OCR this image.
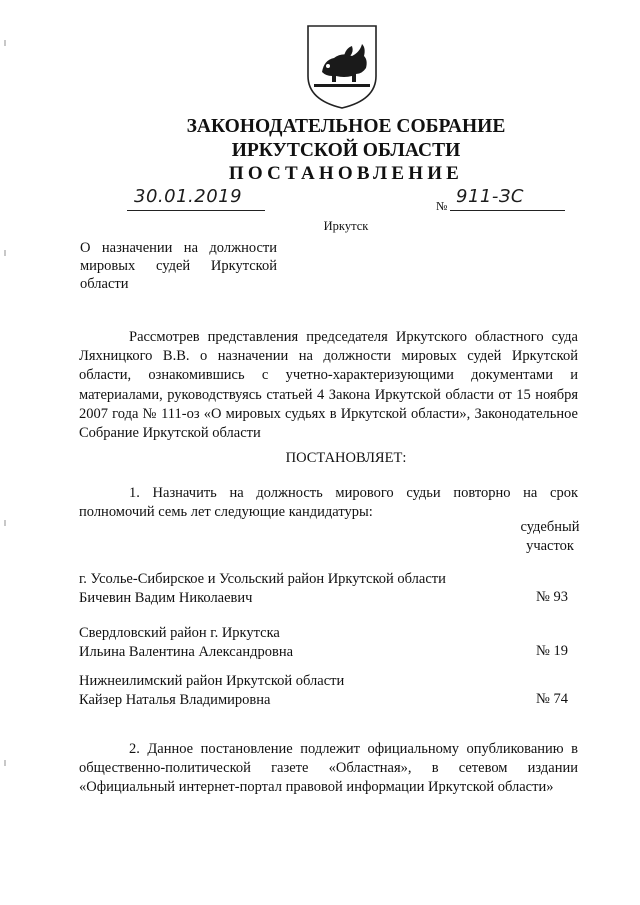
ЗАКОНОДАТЕЛЬНОЕ СОБРАНИЕ
ИРКУТСКОЙ ОБЛАСТИ
ПОСТАНОВЛЕНИЕ
30.01.2019	№ 911-ЗС
Иркутск
О назначении на должности мировых судей Иркутской области
Рассмотрев представления председателя Иркутского областного суда Ляхницкого В.В. о назначении на должности мировых судей Иркутской области, ознакомившись с учетно-характеризующими документами и материалами, руководствуясь статьей 4 Закона Иркутской области от 15 ноября 2007 года № 111-оз «О мировых судьях в Иркутской области», Законодательное Собрание Иркутской области
ПОСТАНОВЛЯЕТ:
1. Назначить на должность мирового судьи повторно на срок полномочий семь лет следующие кандидатуры:
судебный участок
г. Усолье-Сибирское и Усольский район Иркутской области
Бичевин Вадим Николаевич	№ 93
Свердловский район г. Иркутска
Ильина Валентина Александровна	№ 19
Нижнеилимский район Иркутской области
Кайзер Наталья Владимировна	№ 74
2. Данное постановление подлежит официальному опубликованию в общественно-политической газете «Областная», в сетевом издании «Официальный интернет-портал правовой информации Иркутской области»
